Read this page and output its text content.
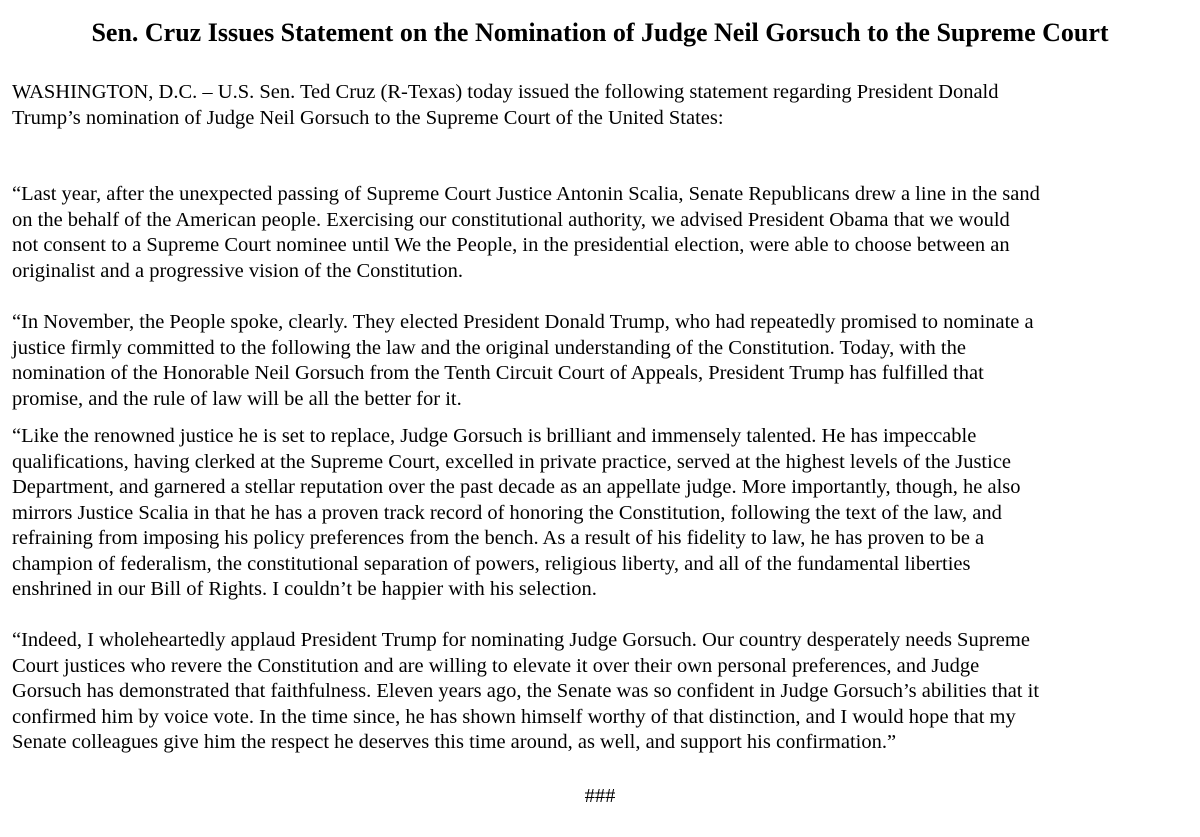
Sen. Cruz Issues Statement on the Nomination of Judge Neil Gorsuch to the Supreme Court

WASHINGTON, D.C. – U.S. Sen. Ted Cruz (R-Texas) today issued the following statement regarding President Donald
Trump’s nomination of Judge Neil Gorsuch to the Supreme Court of the United States:

“Last year, after the unexpected passing of Supreme Court Justice Antonin Scalia, Senate Republicans drew a line in the sand
on the behalf of the American people. Exercising our constitutional authority, we advised President Obama that we would
not consent to a Supreme Court nominee until We the People, in the presidential election, were able to choose between an
originalist and a progressive vision of the Constitution.

“In November, the People spoke, clearly. They elected President Donald Trump, who had repeatedly promised to nominate a
justice firmly committed to the following the law and the original understanding of the Constitution. Today, with the
nomination of the Honorable Neil Gorsuch from the Tenth Circuit Court of Appeals, President Trump has fulfilled that
promise, and the rule of law will be all the better for it.

“Like the renowned justice he is set to replace, Judge Gorsuch is brilliant and immensely talented. He has impeccable
qualifications, having clerked at the Supreme Court, excelled in private practice, served at the highest levels of the Justice
Department, and garnered a stellar reputation over the past decade as an appellate judge. More importantly, though, he also
mirrors Justice Scalia in that he has a proven track record of honoring the Constitution, following the text of the law, and
refraining from imposing his policy preferences from the bench. As a result of his fidelity to law, he has proven to be a
champion of federalism, the constitutional separation of powers, religious liberty, and all of the fundamental liberties
enshrined in our Bill of Rights. I couldn’t be happier with his selection.

“Indeed, I wholeheartedly applaud President Trump for nominating Judge Gorsuch. Our country desperately needs Supreme
Court justices who revere the Constitution and are willing to elevate it over their own personal preferences, and Judge
Gorsuch has demonstrated that faithfulness. Eleven years ago, the Senate was so confident in Judge Gorsuch’s abilities that it
confirmed him by voice vote. In the time since, he has shown himself worthy of that distinction, and I would hope that my
Senate colleagues give him the respect he deserves this time around, as well, and support his confirmation.”

###
